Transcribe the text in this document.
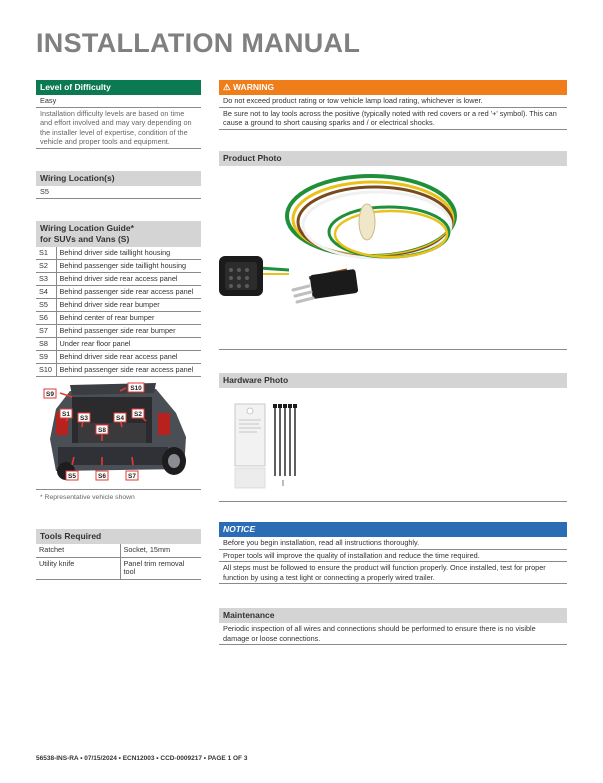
INSTALLATION MANUAL
Level of Difficulty
Easy
Installation difficulty levels are based on time and effort involved and may vary depending on the installer level of expertise, condition of the vehicle and proper tools and equipment.
Wiring Location(s)
S5
Wiring Location Guide*
for SUVs and Vans (S)
S1	Behind driver side taillight housing
S2	Behind passenger side taillight housing
S3	Behind driver side rear access panel
S4	Behind passenger side rear access panel
S5	Behind driver side rear bumper
S6	Behind center of rear bumper
S7	Behind passenger side rear bumper
S8	Under rear floor panel
S9	Behind driver side rear access panel
S10	Behind passenger side rear access panel
S9
S10
S1
S3
S8
S4
S2
S5	S6	S7
* Representative vehicle shown
Tools Required
Ratchet	Socket, 15mm
Utility knife	Panel trim removal tool
⚠ WARNING
Do not exceed product rating or tow vehicle lamp load rating, whichever is lower.
Be sure not to lay tools across the positive (typically noted with red covers or a red '+' symbol). This can cause a ground to short causing sparks and / or electrical shocks.
Product Photo
Hardware Photo
NOTICE
Before you begin installation, read all instructions thoroughly.
Proper tools will improve the quality of installation and reduce the time required.
All steps must be followed to ensure the product will function properly. Once installed, test for proper function by using a test light or connecting a properly wired trailer.
Maintenance
Periodic inspection of all wires and connections should be performed to ensure there is no visible damage or loose connections.
56538-INS-RA • 07/15/2024 • ECN12003 • CCD-0009217 • PAGE 1 OF 3
